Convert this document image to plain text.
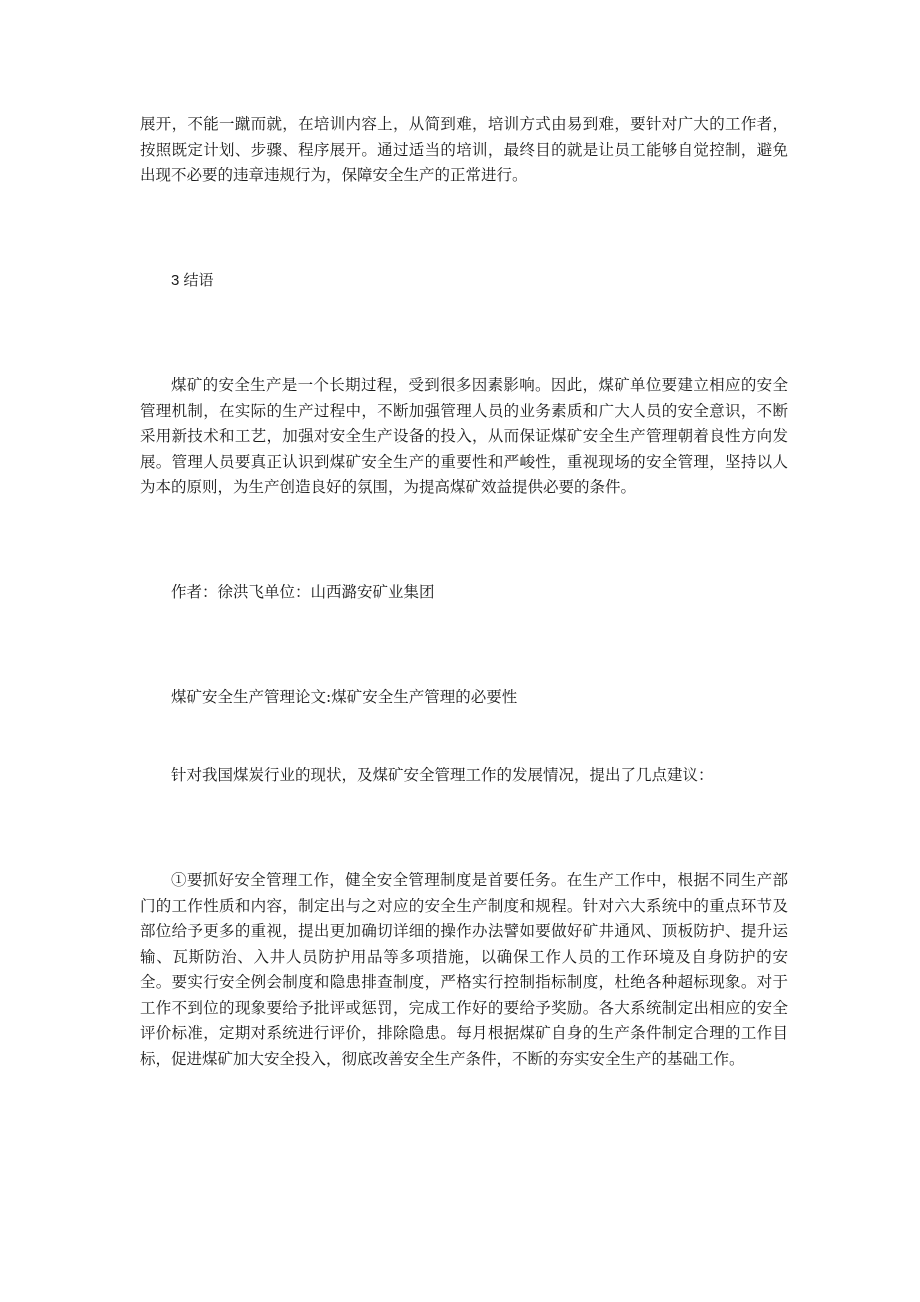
展开，不能一蹴而就，在培训内容上，从简到难，培训方式由易到难，要针对广大的工作者，按照既定计划、步骤、程序展开。通过适当的培训，最终目的就是让员工能够自觉控制，避免出现不必要的违章违规行为，保障安全生产的正常进行。

3 结语

煤矿的安全生产是一个长期过程，受到很多因素影响。因此，煤矿单位要建立相应的安全管理机制，在实际的生产过程中，不断加强管理人员的业务素质和广大人员的安全意识，不断采用新技术和工艺，加强对安全生产设备的投入，从而保证煤矿安全生产管理朝着良性方向发展。管理人员要真正认识到煤矿安全生产的重要性和严峻性，重视现场的安全管理，坚持以人为本的原则，为生产创造良好的氛围，为提高煤矿效益提供必要的条件。

作者：徐洪飞单位：山西潞安矿业集团

煤矿安全生产管理论文:煤矿安全生产管理的必要性

针对我国煤炭行业的现状，及煤矿安全管理工作的发展情况，提出了几点建议：

①要抓好安全管理工作，健全安全管理制度是首要任务。在生产工作中，根据不同生产部门的工作性质和内容，制定出与之对应的安全生产制度和规程。针对六大系统中的重点环节及部位给予更多的重视，提出更加确切详细的操作办法譬如要做好矿井通风、顶板防护、提升运输、瓦斯防治、入井人员防护用品等多项措施，以确保工作人员的工作环境及自身防护的安全。要实行安全例会制度和隐患排查制度，严格实行控制指标制度，杜绝各种超标现象。对于工作不到位的现象要给予批评或惩罚，完成工作好的要给予奖励。各大系统制定出相应的安全评价标准，定期对系统进行评价，排除隐患。每月根据煤矿自身的生产条件制定合理的工作目标，促进煤矿加大安全投入，彻底改善安全生产条件，不断的夯实安全生产的基础工作。
